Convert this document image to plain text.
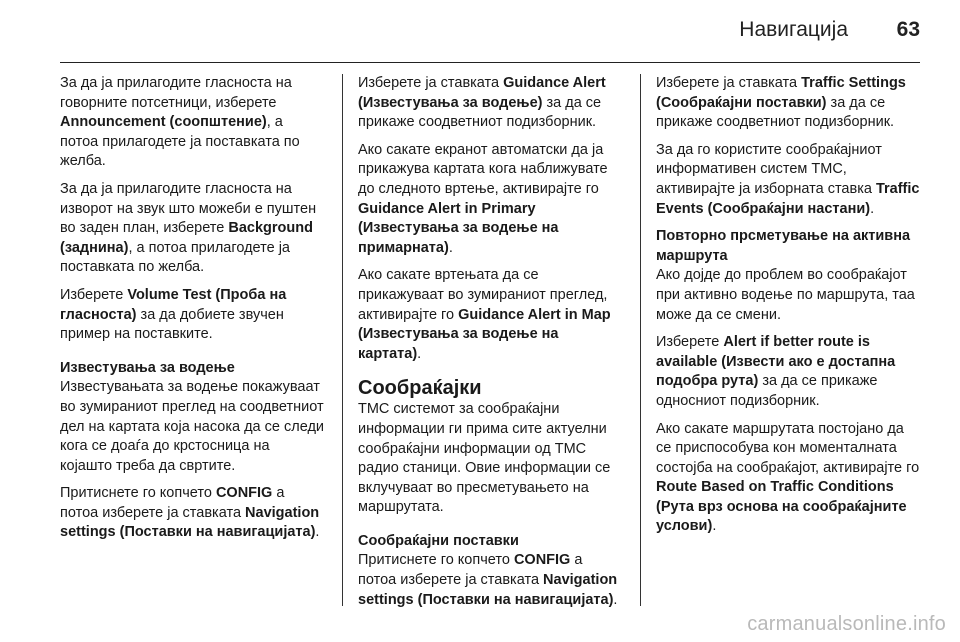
Навигација 63

За да ја прилагодите гласноста на говорните потсетници, изберете Announcement (соопштение), а потоа прилагодете ја поставката по желба.

За да ја прилагодите гласноста на изворот на звук што можеби е пуштен во заден план, изберете Background (заднина), а потоа прилагодете ја поставката по желба.

Изберете Volume Test (Проба на гласноста) за да добиете звучен пример на поставките.

Известувања за водење

Известувањата за водење покажуваат во зумираниот преглед на соодветниот дел на картата која насока да се следи кога се доаѓа до крстосница на којашто треба да свртите.

Притиснете го копчето CONFIG а потоа изберете ја ставката Navigation settings (Поставки на навигацијата).

Изберете ја ставката Guidance Alert (Известувања за водење) за да се прикаже соодветниот подизборник.

Ако сакате екранот автоматски да ја прикажува картата кога наближувате до следното вртење, активирајте го Guidance Alert in Primary (Известувања за водење на примарната).

Ако сакате вртењата да се прикажуваат во зумираниот преглед, активирајте го Guidance Alert in Map (Известувања за водење на картата).

Сообраќајки

TMC системот за сообраќајни информации ги прима сите актуелни сообраќајни информации од TMC радио станици. Овие информации се вклучуваат во пресметувањето на маршрутата.

Сообраќајни поставки

Притиснете го копчето CONFIG а потоа изберете ја ставката Navigation settings (Поставки на навигацијата).

Изберете ја ставката Traffic Settings (Сообраќајни поставки) за да се прикаже соодветниот подизборник.

За да го користите сообраќајниот информативен систем TMC, активирајте ја изборната ставка Traffic Events (Сообраќајни настани).

Повторно прсметување на активна маршрута

Ако дојде до проблем во сообраќајот при активно водење по маршрута, таа може да се смени.

Изберете Alert if better route is available (Извести ако е достапна подобра рута) за да се прикаже односниот подизборник.

Ако сакате маршрутата постојано да се приспособува кон моменталната состојба на сообраќајот, активирајте го Route Based on Traffic Conditions (Рута врз основа на сообраќајните услови).

carmanualsonline.info
